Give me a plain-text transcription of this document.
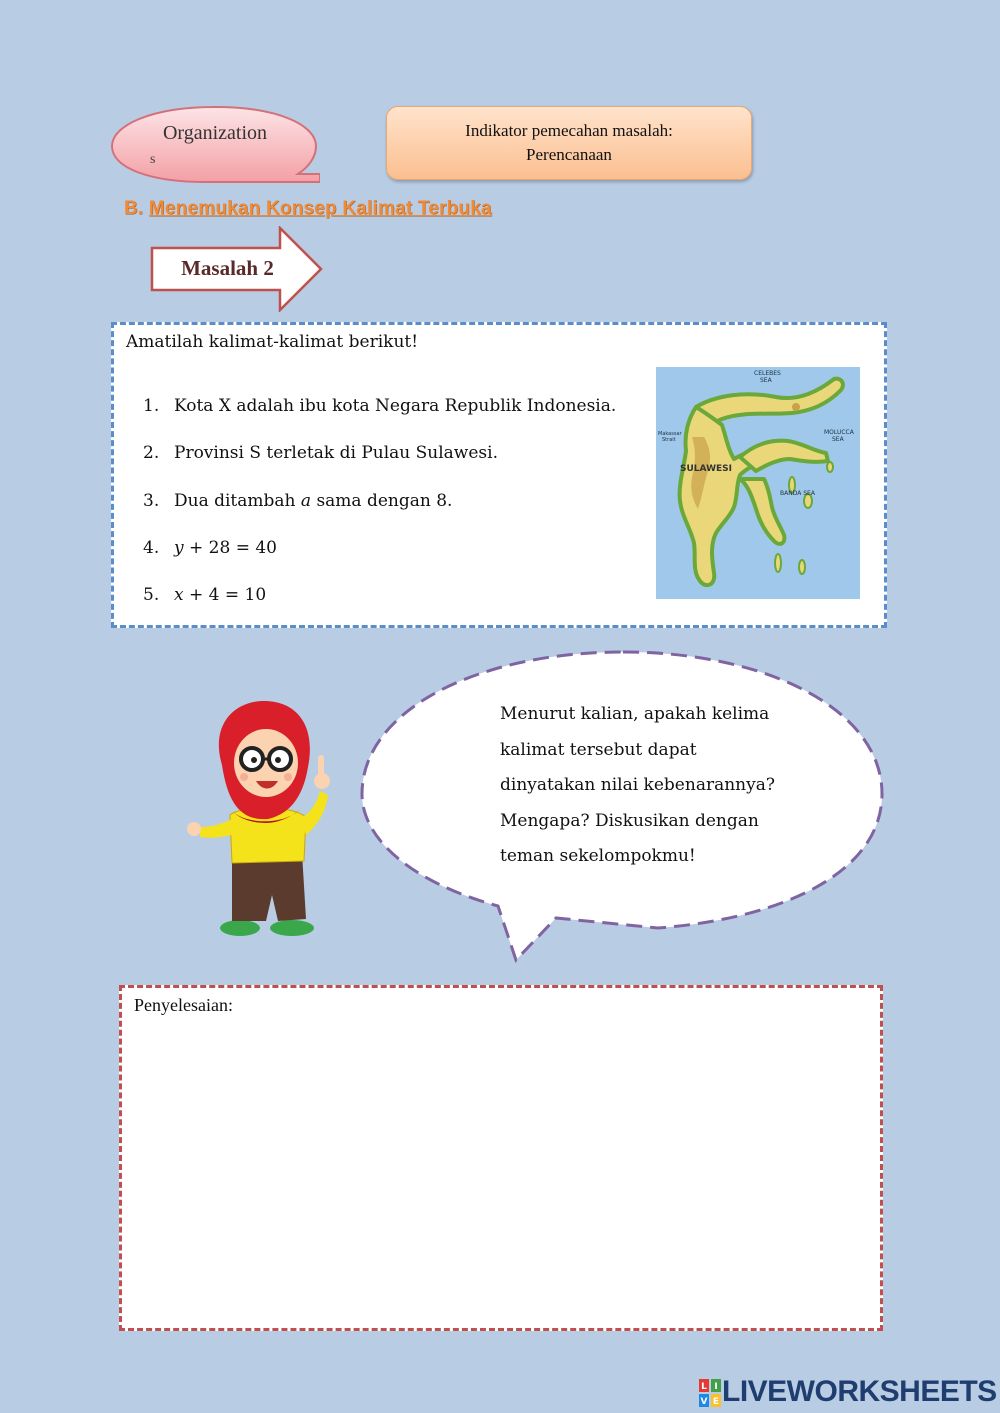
Organization
s
Indikator pemecahan masalah:
Perencanaan
B. Menemukan Konsep Kalimat Terbuka
Masalah 2
Amatilah kalimat-kalimat berikut!
1. Kota X adalah ibu kota Negara Republik Indonesia.
2. Provinsi S terletak di Pulau Sulawesi.
3. Dua ditambah a sama dengan 8.
4. y + 28 = 40
5. x + 4 = 10
CELEBES
SEA
Makassar
Strait
SULAWESI
MOLUCCA
SEA
BANDA SEA
Menurut kalian, apakah kelima
kalimat tersebut dapat
dinyatakan nilai kebenarannya?
Mengapa? Diskusikan dengan
teman sekelompokmu!
Penyelesaian:
L I
V E LIVEWORKSHEETS
